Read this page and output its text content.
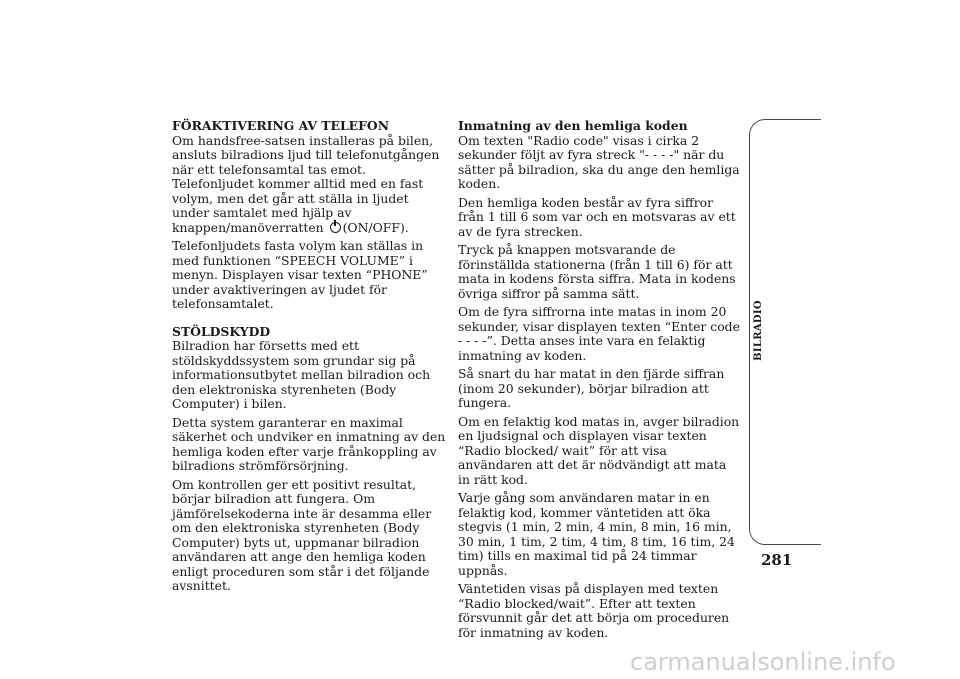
FÖRAKTIVERING AV TELEFON

Om handsfree-satsen installeras på bilen, ansluts bilradions ljud till telefonutgången när ett telefonsamtal tas emot. Telefonljudet kommer alltid med en fast volym, men det går att ställa in ljudet under samtalet med hjälp av knappen/manöverratten (ON/OFF).

Telefonljudets fasta volym kan ställas in med funktionen “SPEECH VOLUME” i menyn. Displayen visar texten “PHONE” under avaktiveringen av ljudet för telefonsamtalet.

STÖLDSKYDD

Bilradion har försetts med ett stöldskyddssystem som grundar sig på informationsutbytet mellan bilradion och den elektroniska styrenheten (Body Computer) i bilen.

Detta system garanterar en maximal säkerhet och undviker en inmatning av den hemliga koden efter varje frånkoppling av bilradions strömförsörjning.

Om kontrollen ger ett positivt resultat, börjar bilradion att fungera. Om jämförelsekoderna inte är desamma eller om den elektroniska styrenheten (Body Computer) byts ut, uppmanar bilradion användaren att ange den hemliga koden enligt proceduren som står i det följande avsnittet.

Inmatning av den hemliga koden

Om texten "Radio code" visas i cirka 2 sekunder följt av fyra streck "- - - -" när du sätter på bilradion, ska du ange den hemliga koden.

Den hemliga koden består av fyra siffror från 1 till 6 som var och en motsvaras av ett av de fyra strecken.

Tryck på knappen motsvarande de förinställda stationerna (från 1 till 6) för att mata in kodens första siffra. Mata in kodens övriga siffror på samma sätt.

Om de fyra siffrorna inte matas in inom 20 sekunder, visar displayen texten “Enter code - - - -”. Detta anses inte vara en felaktig inmatning av koden.

Så snart du har matat in den fjärde siffran (inom 20 sekunder), börjar bilradion att fungera.

Om en felaktig kod matas in, avger bilradion en ljudsignal och displayen visar texten “Radio blocked/ wait” för att visa användaren att det är nödvändigt att mata in rätt kod.

Varje gång som användaren matar in en felaktig kod, kommer väntetiden att öka stegvis (1 min, 2 min, 4 min, 8 min, 16 min, 30 min, 1 tim, 2 tim, 4 tim, 8 tim, 16 tim, 24 tim) tills en maximal tid på 24 timmar uppnås.

Väntetiden visas på displayen med texten “Radio blocked/wait”. Efter att texten försvunnit går det att börja om proceduren för inmatning av koden.

BILRADIO
281
carmanualsonline.info
